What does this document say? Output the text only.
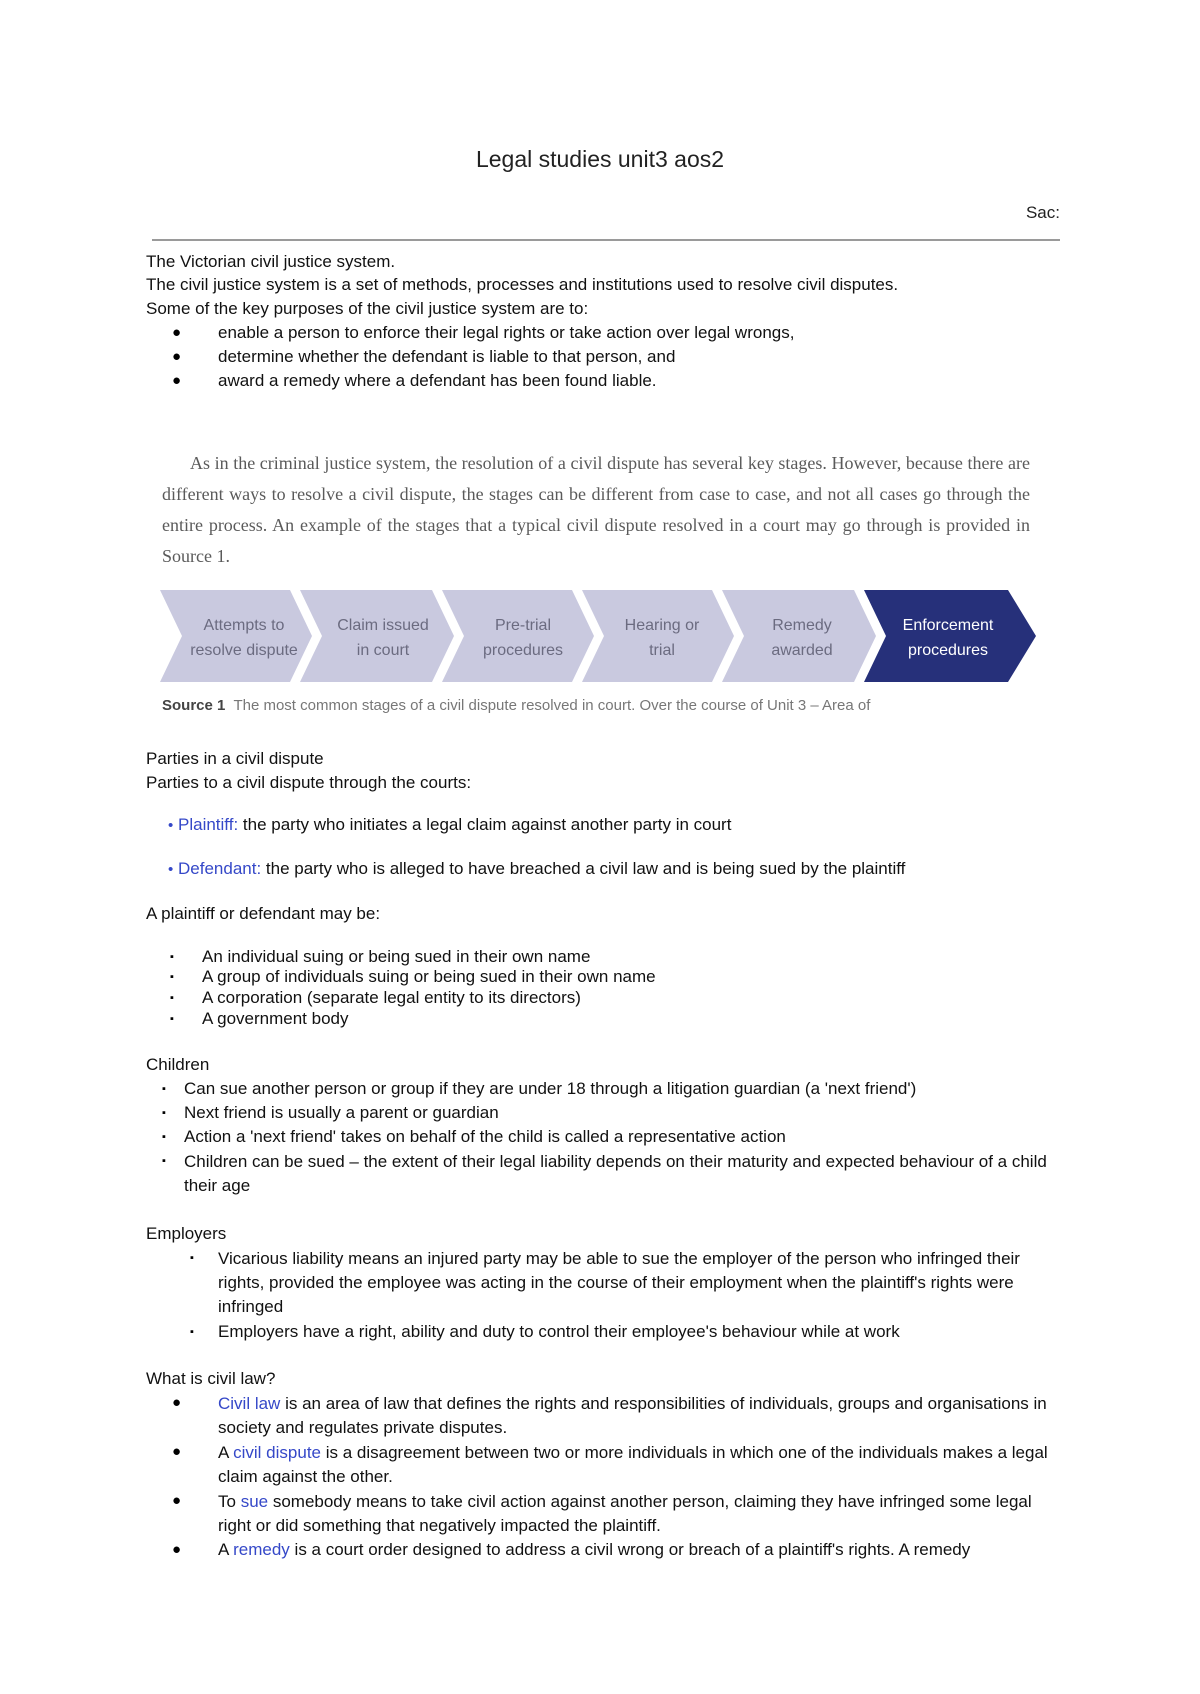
Legal studies unit3 aos2
Sac:
The Victorian civil justice system.
The civil justice system is a set of methods, processes and institutions used to resolve civil disputes.
Some of the key purposes of the civil justice system are to:
● enable a person to enforce their legal rights or take action over legal wrongs,
● determine whether the defendant is liable to that person, and
● award a remedy where a defendant has been found liable.

As in the criminal justice system, the resolution of a civil dispute has several key stages. However, because there are different ways to resolve a civil dispute, the stages can be different from case to case, and not all cases go through the entire process. An example of the stages that a typical civil dispute resolved in a court may go through is provided in Source 1.

Attempts to
resolve dispute
Claim issued
in court
Pre-trial
procedures
Hearing or
trial
Remedy
awarded
Enforcement
procedures
Source 1 The most common stages of a civil dispute resolved in court. Over the course of Unit 3 – Area of
Parties in a civil dispute
Parties to a civil dispute through the courts:
• Plaintiff: the party who initiates a legal claim against another party in court
• Defendant: the party who is alleged to have breached a civil law and is being sued by the plaintiff
A plaintiff or defendant may be:
▪ An individual suing or being sued in their own name
▪ A group of individuals suing or being sued in their own name
▪ A corporation (separate legal entity to its directors)
▪ A government body
Children
▪ Can sue another person or group if they are under 18 through a litigation guardian (a 'next friend')
▪ Next friend is usually a parent or guardian
▪ Action a 'next friend' takes on behalf of the child is called a representative action
▪ Children can be sued – the extent of their legal liability depends on their maturity and expected behaviour of a child their age
Employers
▪ Vicarious liability means an injured party may be able to sue the employer of the person who infringed their rights, provided the employee was acting in the course of their employment when the plaintiff's rights were infringed
▪ Employers have a right, ability and duty to control their employee's behaviour while at work
What is civil law?
● Civil law is an area of law that defines the rights and responsibilities of individuals, groups and organisations in society and regulates private disputes.
● A civil dispute is a disagreement between two or more individuals in which one of the individuals makes a legal claim against the other.
● To sue somebody means to take civil action against another person, claiming they have infringed some legal right or did something that negatively impacted the plaintiff.
● A remedy is a court order designed to address a civil wrong or breach of a plaintiff's rights. A remedy
